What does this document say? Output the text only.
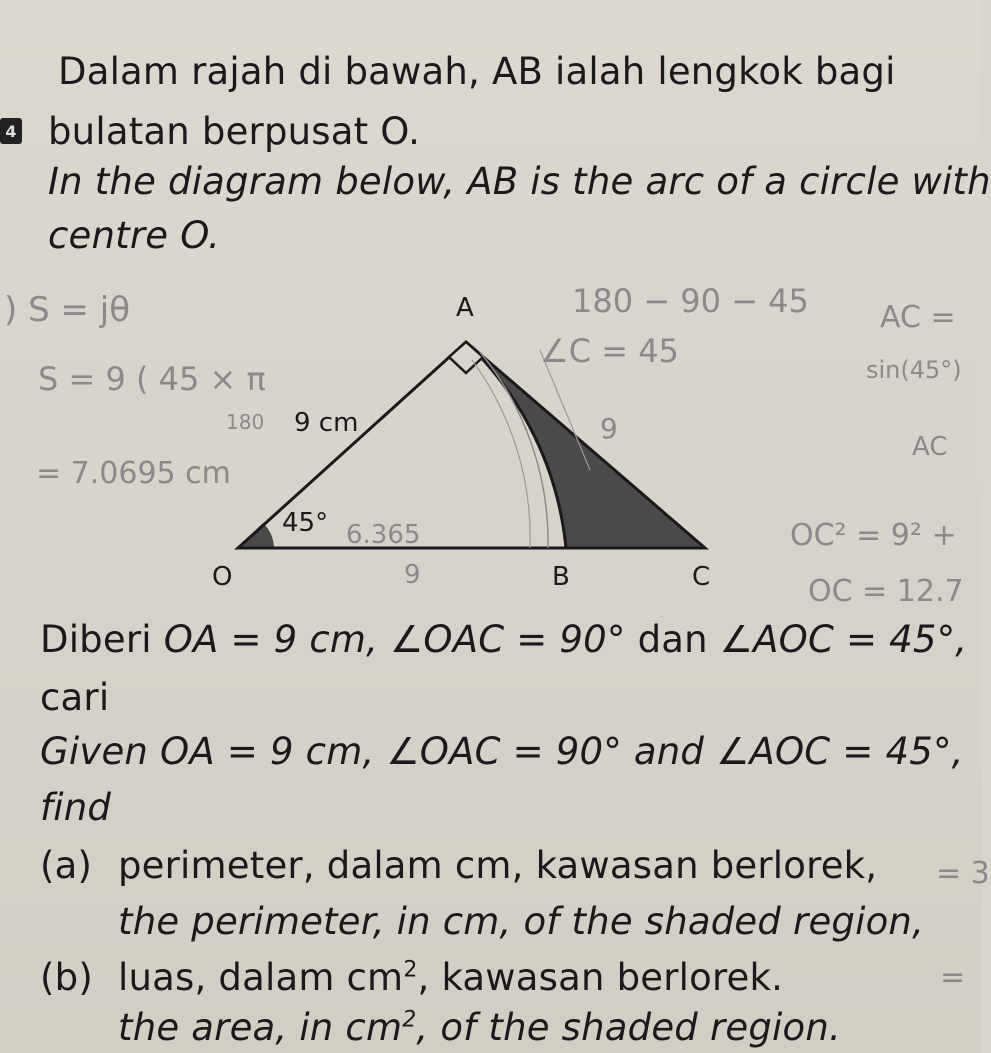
4
Dalam rajah di bawah, AB ialah lengkok bagi
bulatan berpusat O.
In the diagram below, AB is the arc of a circle with
centre O.
A
B	C
O
9 cm
45°
) S = jθ
S = 9 ( 45 × π
180
= 7.0695 cm
180 − 90 − 45
∠C = 45
AC =
sin(45°)
AC
9
OC² = 9² +
OC = 12.7
6.365
9
= 3
=
Diberi OA = 9 cm, ∠OAC = 90° dan ∠AOC = 45°,
cari
Given OA = 9 cm, ∠OAC = 90° and ∠AOC = 45°,
find
(a) perimeter, dalam cm, kawasan berlorek,
the perimeter, in cm, of the shaded region,
(b) luas, dalam $cm^2$, kawasan berlorek.
the area, in $cm^2$, of the shaded region.
